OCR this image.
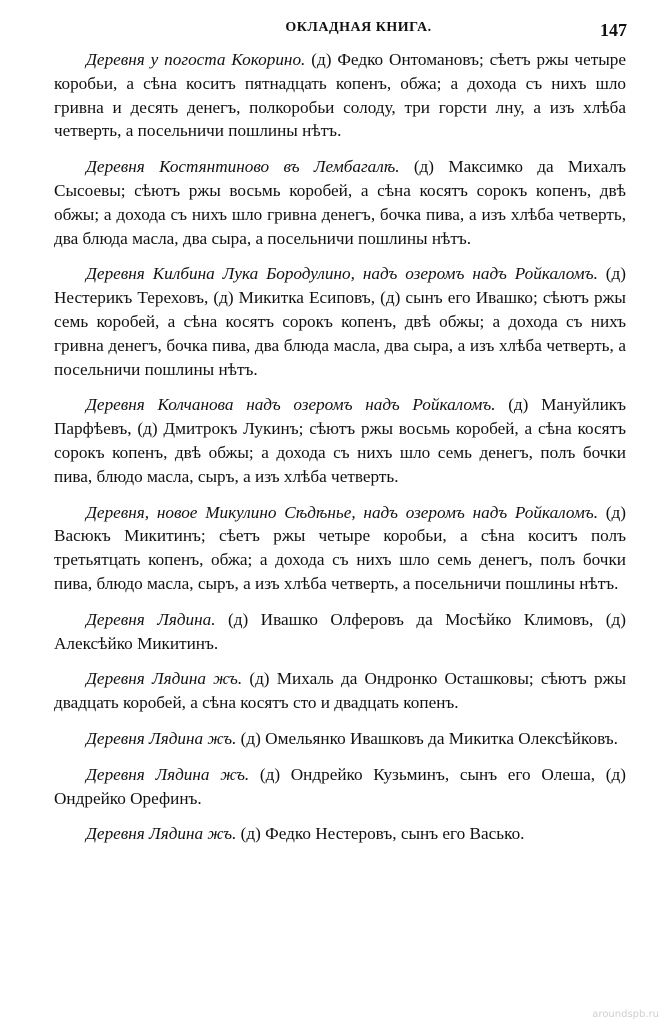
ОКЛАДНАЯ КНИГА.	147

Деревня у погоста Кокорино. (д) Федко Онтомановъ; сѣетъ ржы четыре коробьи, а сѣна коситъ пятнадцать копенъ, обжа; а дохода съ нихъ шло гривна и десять денегъ, полкоробьи солоду, три горсти лну, а изъ хлѣба четверть, а посельничи пошлины нѣтъ.

Деревня Костянтиново въ Лембагалѣ. (д) Максимко да Михалъ Сысоевы; сѣютъ ржы восьмь коробей, а сѣна косятъ сорокъ копенъ, двѣ обжы; а дохода съ нихъ шло гривна денегъ, бочка пива, а изъ хлѣба четверть, два блюда масла, два сыра, а посельничи пошлины нѣтъ.

Деревня Килбина Лука Бородулино, надъ озеромъ надъ Ройкаломъ. (д) Нестерикъ Тереховъ, (д) Микитка Есиповъ, (д) сынъ его Ивашко; сѣютъ ржы семь коробей, а сѣна косятъ сорокъ копенъ, двѣ обжы; а дохода съ нихъ гривна денегъ, бочка пива, два блюда масла, два сыра, а изъ хлѣба четверть, а посельничи пошлины нѣтъ.

Деревня Колчанова надъ озеромъ надъ Ройкаломъ. (д) Мануйликъ Парфѣевъ, (д) Дмитрокъ Лукинъ; сѣютъ ржы восьмь коробей, а сѣна косятъ сорокъ копенъ, двѣ обжы; а дохода съ нихъ шло семь денегъ, полъ бочки пива, блюдо масла, сыръ, а изъ хлѣба четверть.

Деревня, новое Микулино Сѣдѣнье, надъ озеромъ надъ Ройкаломъ. (д) Васюкъ Микитинъ; сѣетъ ржы четыре коробьи, а сѣна коситъ полъ третьятцать копенъ, обжа; а дохода съ нихъ шло семь денегъ, полъ бочки пива, блюдо масла, сыръ, а изъ хлѣба четверть, а посельничи пошлины нѣтъ.

Деревня Лядина. (д) Ивашко Олферовъ да Мосѣйко Климовъ, (д) Алексѣйко Микитинъ.

Деревня Лядина жъ. (д) Михаль да Ондронко Осташковы; сѣютъ ржы двадцать коробей, а сѣна косятъ сто и двадцать копенъ.

Деревня Лядина жъ. (д) Омельянко Ивашковъ да Микитка Олексѣйковъ.

Деревня Лядина жъ. (д) Ондрейко Кузьминъ, сынъ его Олеша, (д) Ондрейко Орефинъ.

Деревня Лядина жъ. (д) Федко Нестеровъ, сынъ его Васько.

aroundspb.ru
